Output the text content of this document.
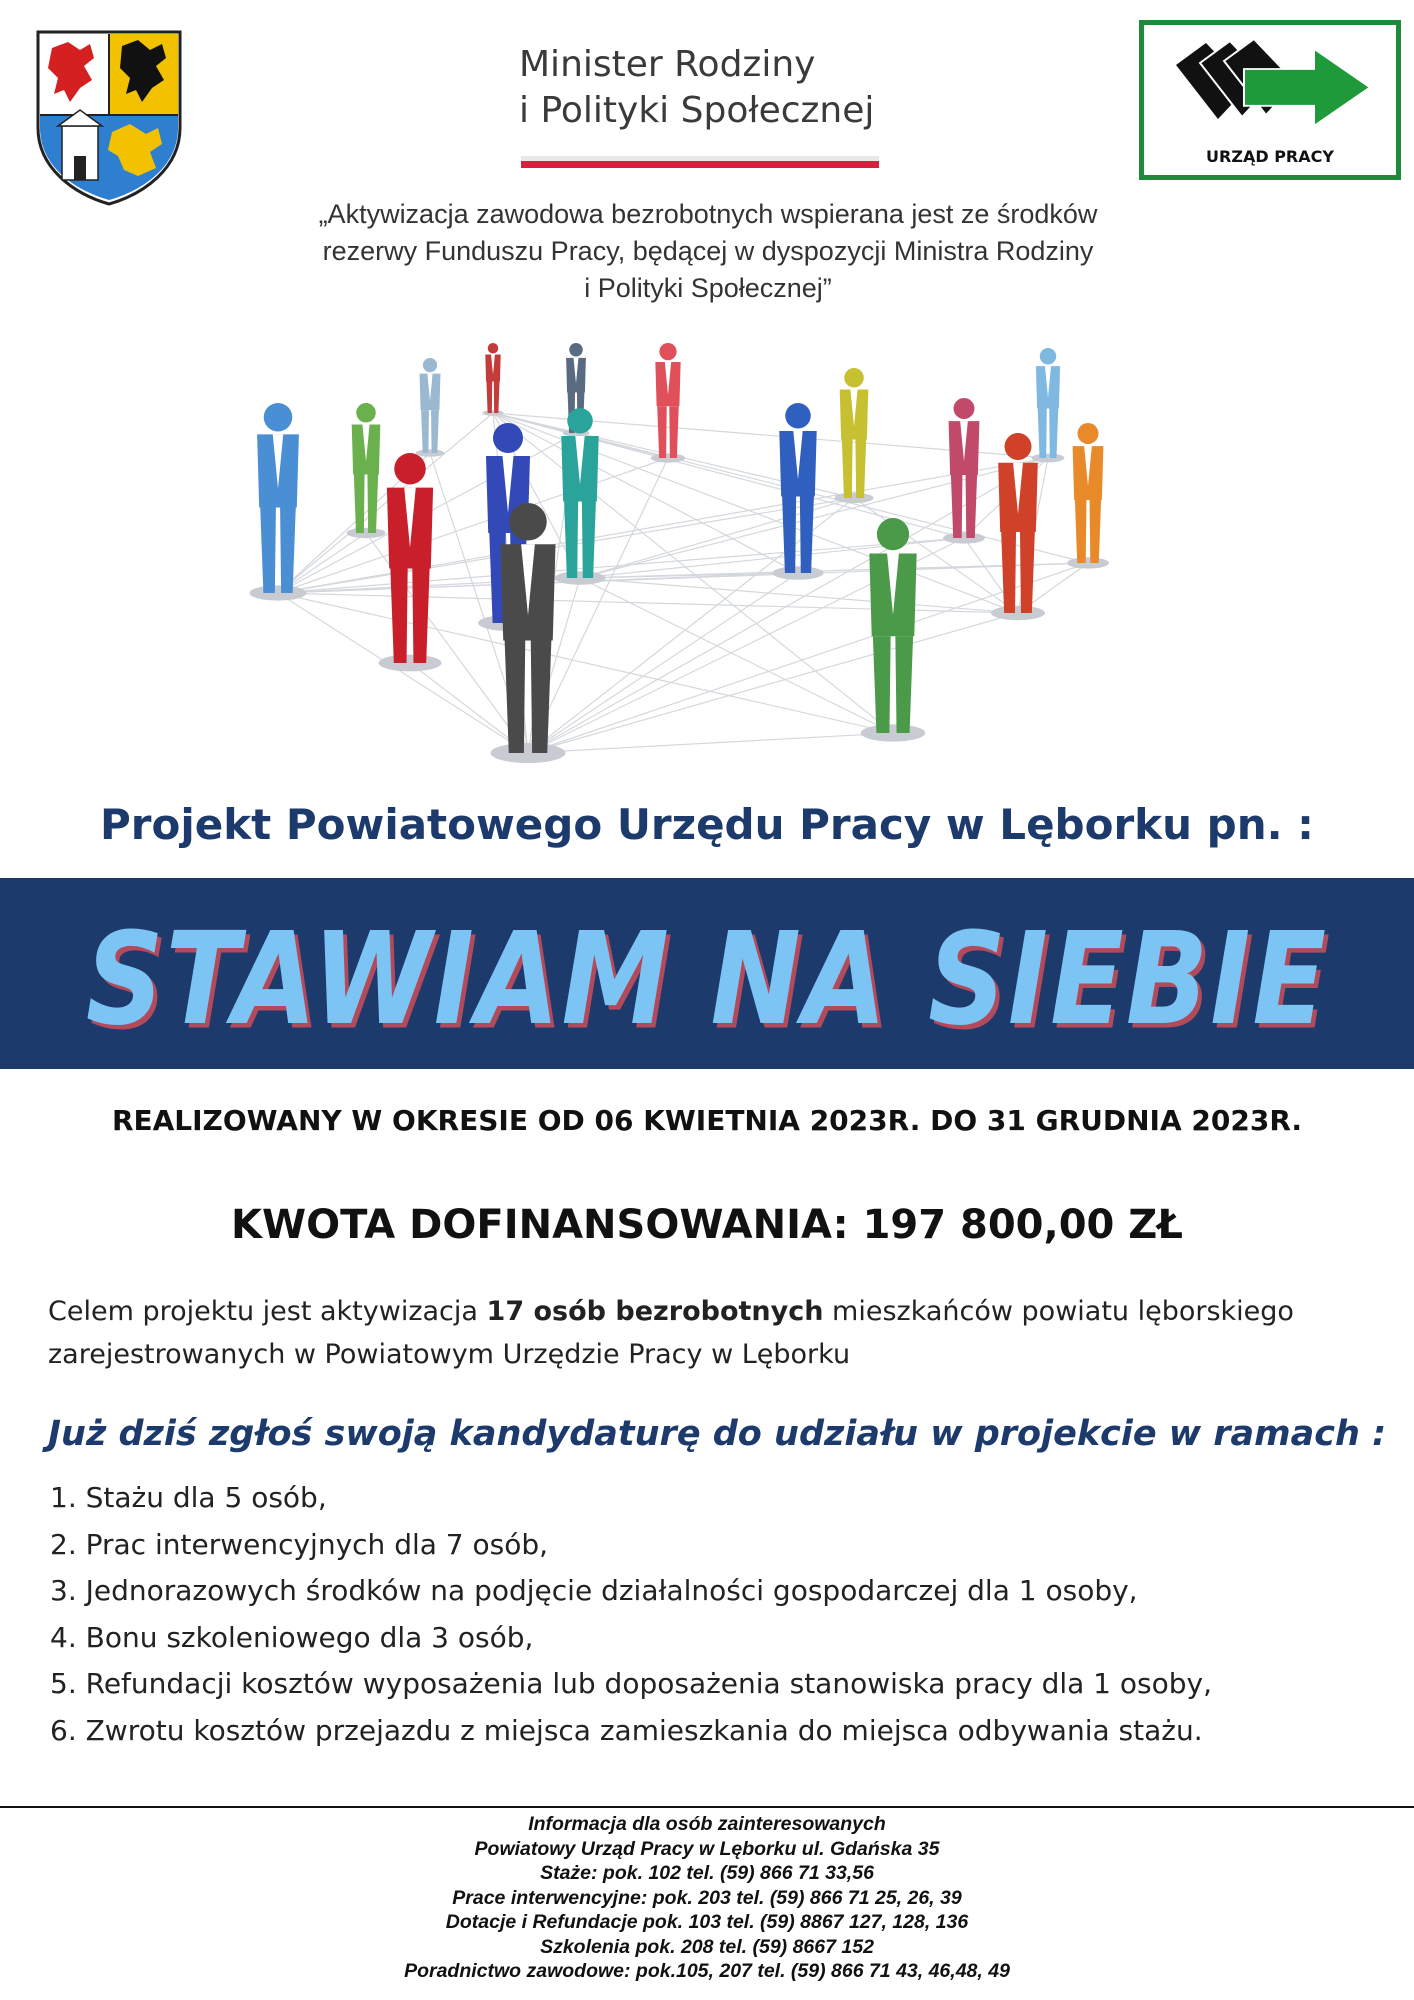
Minister Rodziny
i Polityki Społecznej
URZĄD PRACY
„Aktywizacja zawodowa bezrobotnych wspierana jest ze środków
rezerwy Funduszu Pracy, będącej w dyspozycji Ministra Rodziny
i Polityki Społecznej”
Projekt Powiatowego Urzędu Pracy w Lęborku pn. :
STAWIAM NA SIEBIE
REALIZOWANY W OKRESIE OD 06 KWIETNIA 2023R. DO 31 GRUDNIA 2023R.
KWOTA DOFINANSOWANIA: 197 800,00 ZŁ
Celem projektu jest aktywizacja 17 osób bezrobotnych mieszkańców powiatu lęborskiego
zarejestrowanych w Powiatowym Urzędzie Pracy w Lęborku
Już dziś zgłoś swoją kandydaturę do udziału w projekcie w ramach :
1. Stażu dla 5 osób,
2. Prac interwencyjnych dla 7 osób,
3. Jednorazowych środków na podjęcie działalności gospodarczej dla 1 osoby,
4. Bonu szkoleniowego dla 3 osób,
5. Refundacji kosztów wyposażenia lub doposażenia stanowiska pracy dla 1 osoby,
6. Zwrotu kosztów przejazdu z miejsca zamieszkania do miejsca odbywania stażu.
Informacja dla osób zainteresowanych
Powiatowy Urząd Pracy w Lęborku ul. Gdańska 35
Staże: pok. 102 tel. (59) 866 71 33,56
Prace interwencyjne: pok. 203 tel. (59) 866 71 25, 26, 39
Dotacje i Refundacje pok. 103 tel. (59) 8867 127, 128, 136
Szkolenia pok. 208 tel. (59) 8667 152
Poradnictwo zawodowe: pok.105, 207 tel. (59) 866 71 43, 46,48, 49
